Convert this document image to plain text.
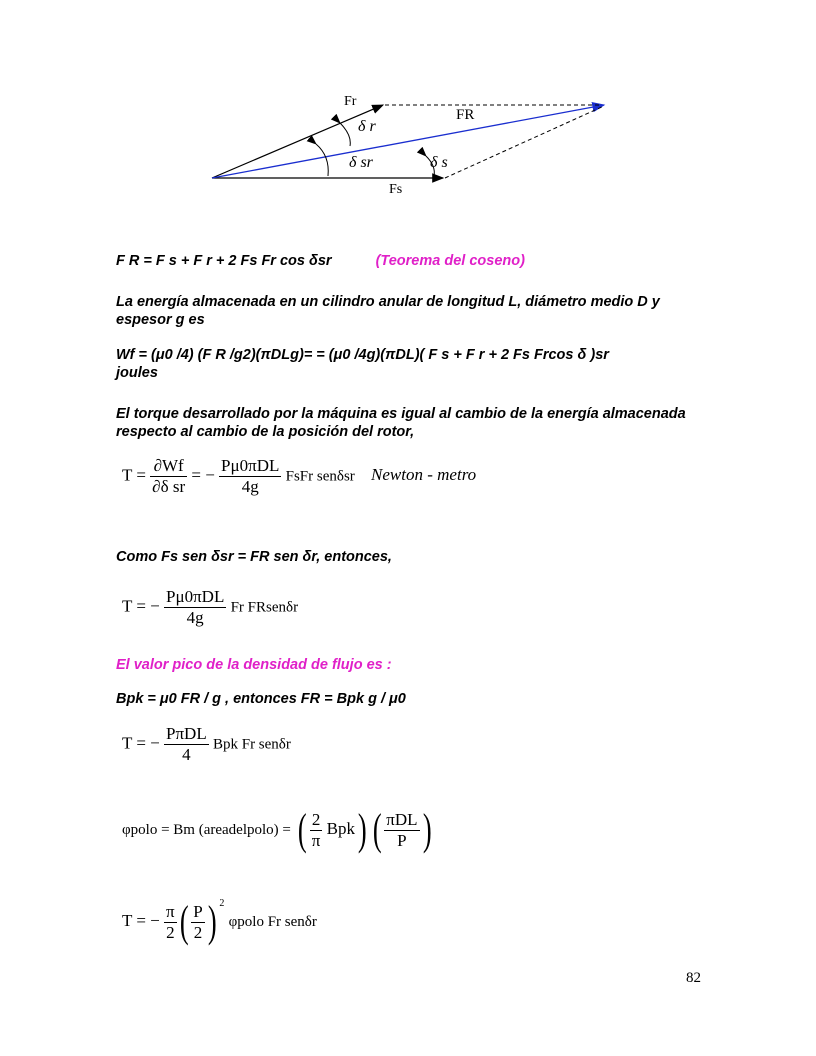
Fr
FR
δ r
δ sr	δ s
Fs
F R = F s + F r + 2 Fs Fr cos δsr	(Teorema del coseno)
La energía almacenada en un cilindro anular de longitud L, diámetro medio D y espesor g es
Wf = (μ0 /4) (F R /g2)(πDLg)= = (μ0 /4g)(πDL)( F s + F r + 2 Fs Frcos δ )sr
joules
El torque desarrollado por la máquina es igual al cambio de la energía almacenada respecto al cambio de la posición del rotor,
$T = \frac{\partial Wf}{\text{∂δ sr}}$ = − $\frac{\text{Pμ0πDL}}{4g}$ FsFr senδsr Newton - metro
Como Fs sen δsr = FR sen δr, entonces,
T = − $\frac{\text{Pμ0πDL}}{4g}$ Fr FRsenδr
El valor pico de la densidad de flujo es :
Bpk = μ0 FR / g , entonces FR = Bpk g / μ0
T = − $\frac{\text{PπDL}}{4}$ Bpk Fr senδr
φpolo = Bm (areadelpolo) = ( $\frac{2}{\pi} Bpk$) ( $\frac{\text{πDL}}{P}$ )
T = − $\frac{\pi}{2}$ ( $\frac{P}{2}$ ) $^2$ φpolo Fr senδr
82
